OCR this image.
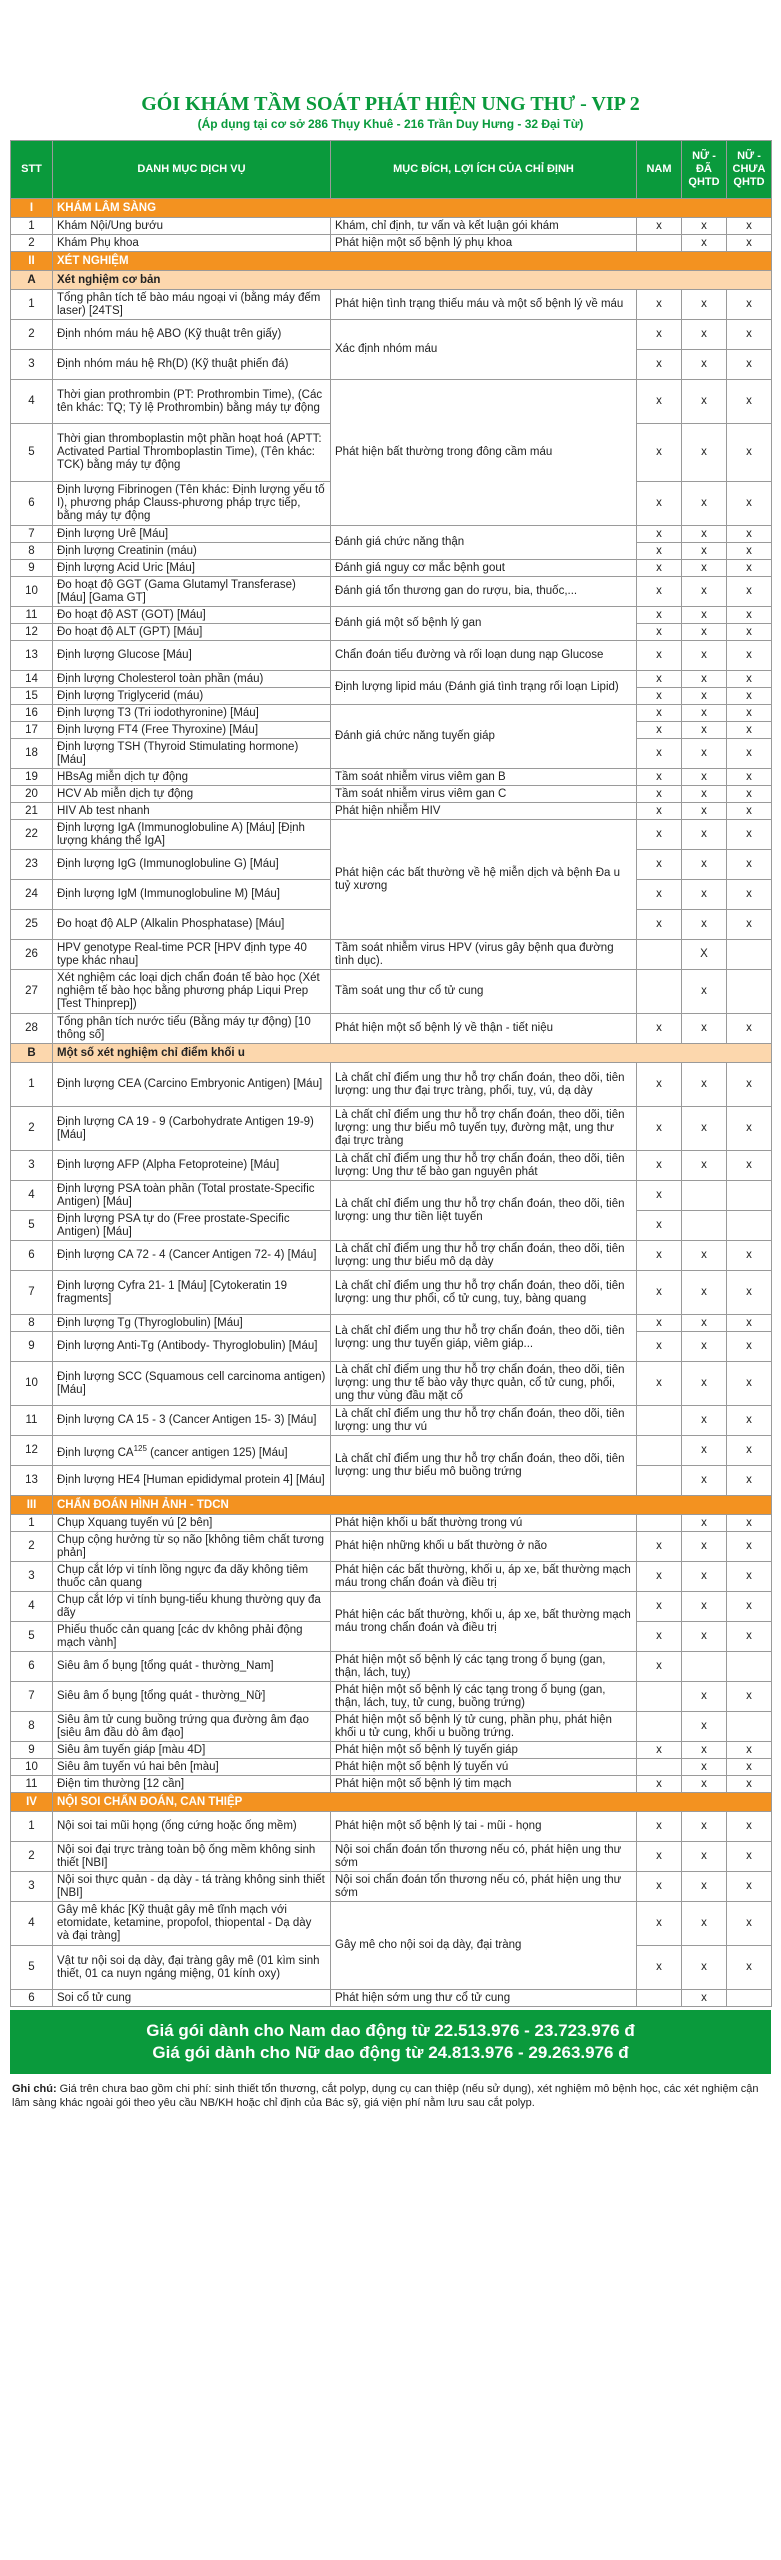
GÓI KHÁM TẦM SOÁT PHÁT HIỆN UNG THƯ - VIP 2
(Áp dụng tại cơ sở 286 Thụy Khuê - 216 Trần Duy Hưng - 32 Đại Từ)
STT	DANH MỤC DỊCH VỤ	MỤC ĐÍCH, LỢI ÍCH CỦA CHỈ ĐỊNH	NAM	NỮ - ĐÃ QHTD	NỮ - CHƯA QHTD
I	KHÁM LÂM SÀNG				
1	Khám Nội/Ung bướu	Khám, chỉ định, tư vấn và kết luận gói khám	x	x	x
2	Khám Phụ khoa	Phát hiện một số bệnh lý phụ khoa		x	x
II	XÉT NGHIỆM				
A	Xét nghiệm cơ bản				
1	Tổng phân tích tế bào máu ngoại vi (bằng máy đếm laser) [24TS]	Phát hiện tình trạng thiếu máu và một số bệnh lý về máu	x	x	x
2	Định nhóm máu hệ ABO (Kỹ thuật trên giấy)	Xác định nhóm máu	x	x	x
3	Định nhóm máu hệ Rh(D) (Kỹ thuật phiến đá)		x	x	x
4	Thời gian prothrombin (PT: Prothrombin Time), (Các tên khác: TQ; Tỷ lệ Prothrombin) bằng máy tự động	Phát hiện bất thường trong đông cầm máu	x	x	x
5	Thời gian thromboplastin một phần hoạt hoá (APTT: Activated Partial Thromboplastin Time), (Tên khác: TCK) bằng máy tự động		x	x	x
6	Định lượng Fibrinogen (Tên khác: Định lượng yếu tố I), phương pháp Clauss-phương pháp trực tiếp, bằng máy tự động		x	x	x
7	Định lượng Urê [Máu]	Đánh giá chức năng thận	x	x	x
8	Định lượng Creatinin (máu)		x	x	x
9	Định lượng Acid Uric [Máu]	Đánh giá nguy cơ mắc bệnh gout	x	x	x
10	Đo hoạt độ GGT (Gama Glutamyl Transferase) [Máu] [Gama GT]	Đánh giá tổn thương gan do rượu, bia, thuốc,...	x	x	x
11	Đo hoạt độ AST (GOT) [Máu]	Đánh giá một số bệnh lý gan	x	x	x
12	Đo hoạt độ ALT (GPT) [Máu]		x	x	x
13	Định lượng Glucose [Máu]	Chẩn đoán tiểu đường và rối loạn dung nạp Glucose	x	x	x
14	Định lượng Cholesterol toàn phần (máu)	Định lượng lipid máu (Đánh giá tình trạng rối loạn Lipid)	x	x	x
15	Định lượng Triglycerid (máu)		x	x	x
16	Định lượng T3 (Tri iodothyronine) [Máu]	Đánh giá chức năng tuyến giáp	x	x	x
17	Định lượng FT4 (Free Thyroxine) [Máu]		x	x	x
18	Định lượng TSH (Thyroid Stimulating hormone) [Máu]		x	x	x
19	HBsAg miễn dịch tự động	Tầm soát nhiễm virus viêm gan B	x	x	x
20	HCV Ab miễn dịch tự động	Tầm soát nhiễm virus viêm gan C	x	x	x
21	HIV Ab test nhanh	Phát hiện nhiễm HIV	x	x	x
22	Định lượng IgA (Immunoglobuline A) [Máu] [Định lượng kháng thể IgA]	Phát hiện các bất thường về hệ miễn dịch và bệnh Đa u tuỷ xương	x	x	x
23	Định lượng IgG (Immunoglobuline G) [Máu]		x	x	x
24	Định lượng IgM (Immunoglobuline M) [Máu]		x	x	x
25	Đo hoạt độ ALP (Alkalin Phosphatase) [Máu]		x	x	x
26	HPV genotype Real-time PCR [HPV định type 40 type khác nhau]	Tầm soát nhiễm virus HPV (virus gây bệnh qua đường tình dục).		X	
27	Xét nghiệm các loại dịch chẩn đoán tế bào học (Xét nghiệm tế bào học bằng phương pháp Liqui Prep [Test Thinprep])	Tầm soát ung thư cổ tử cung		x	
28	Tổng phân tích nước tiểu (Bằng máy tự động) [10 thông số]	Phát hiện một số bệnh lý về thận - tiết niệu	x	x	x
B	Một số xét nghiệm chỉ điểm khối u				
1	Định lượng CEA (Carcino Embryonic Antigen) [Máu]	Là chất chỉ điểm ung thư hỗ trợ chẩn đoán, theo dõi, tiên lượng: ung thư đại trực tràng, phổi, tuỵ, vú, dạ dày	x	x	x
2	Định lượng CA 19 - 9 (Carbohydrate Antigen 19-9) [Máu]	Là chất chỉ điểm ung thư hỗ trợ chẩn đoán, theo dõi, tiên lượng: ung thư biểu mô tuyến tụy, đường mật, ung thư đại trực tràng	x	x	x
3	Định lượng AFP (Alpha Fetoproteine) [Máu]	Là chất chỉ điểm ung thư hỗ trợ chẩn đoán, theo dõi, tiên lượng: Ung thư tế bào gan nguyên phát	x	x	x
4	Định lượng PSA toàn phần (Total prostate-Specific Antigen) [Máu]	Là chất chỉ điểm ung thư hỗ trợ chẩn đoán, theo dõi, tiên lượng: ung thư tiền liệt tuyến	x		
5	Định lượng PSA tự do (Free prostate-Specific Antigen) [Máu]		x		
6	Định lượng CA 72 - 4 (Cancer Antigen 72- 4) [Máu]	Là chất chỉ điểm ung thư hỗ trợ chẩn đoán, theo dõi, tiên lượng: ung thư biểu mô dạ dày	x	x	x
7	Định lượng Cyfra 21- 1 [Máu] [Cytokeratin 19 fragments]	Là chất chỉ điểm ung thư hỗ trợ chẩn đoán, theo dõi, tiên lượng: ung thư phổi, cổ tử cung, tuỵ, bàng quang	x	x	x
8	Định lượng Tg (Thyroglobulin) [Máu]	Là chất chỉ điểm ung thư hỗ trợ chẩn đoán, theo dõi, tiên lượng: ung thư tuyến giáp, viêm giáp...	x	x	x
9	Định lượng Anti-Tg (Antibody- Thyroglobulin) [Máu]		x	x	x
10	Định lượng SCC (Squamous cell carcinoma antigen) [Máu]	Là chất chỉ điểm ung thư hỗ trợ chẩn đoán, theo dõi, tiên lượng: ung thư tế bào vảy thực quản, cổ tử cung, phổi, ung thư vùng đầu mặt cổ	x	x	x
11	Định lượng CA 15 - 3 (Cancer Antigen 15- 3) [Máu]	Là chất chỉ điểm ung thư hỗ trợ chẩn đoán, theo dõi, tiên lượng: ung thư vú		x	x
12	Định lượng CA$^{125}$ (cancer antigen 125) [Máu]	Là chất chỉ điểm ung thư hỗ trợ chẩn đoán, theo dõi, tiên lượng: ung thư biểu mô buồng trứng		x	x
13	Định lượng HE4 [Human epididymal protein 4] [Máu]			x	x
III	CHẨN ĐOÁN HÌNH ẢNH - TDCN				
1	Chụp Xquang tuyến vú [2 bên]	Phát hiện khối u bất thường trong vú		x	x
2	Chụp cộng hưởng từ sọ não [không tiêm chất tương phản]	Phát hiện những khối u bất thường ở não	x	x	x
3	Chụp cắt lớp vi tính lồng ngực đa dãy không tiêm thuốc cản quang	Phát hiện các bất thường, khối u, áp xe, bất thường mạch máu trong chẩn đoán và điều trị	x	x	x
4	Chụp cắt lớp vi tính bụng-tiểu khung thường quy đa dãy	Phát hiện các bất thường, khối u, áp xe, bất thường mạch máu trong chẩn đoán và điều trị	x	x	x
5	Phiếu thuốc cản quang [các dv không phải động mạch vành]		x	x	x
6	Siêu âm ổ bụng [tổng quát - thường_Nam]	Phát hiện một số bệnh lý các tạng trong ổ bụng (gan, thận, lách, tuỵ)	x		
7	Siêu âm ổ bụng [tổng quát - thường_Nữ]	Phát hiện một số bệnh lý các tạng trong ổ bụng (gan, thận, lách, tuỵ, tử cung, buồng trứng)		x	x
8	Siêu âm tử cung buồng trứng qua đường âm đạo [siêu âm đầu dò âm đạo]	Phát hiện một số bệnh lý tử cung, phần phụ, phát hiện khối u tử cung, khối u buồng trứng.		x	
9	Siêu âm tuyến giáp [màu 4D]	Phát hiện một số bệnh lý tuyến giáp	x	x	x
10	Siêu âm tuyến vú hai bên [màu]	Phát hiện một số bệnh lý tuyến vú		x	x
11	Điện tim thường [12 cần]	Phát hiện một số bệnh lý tim mạch	x	x	x
IV	NỘI SOI CHẨN ĐOÁN, CAN THIỆP				
1	Nội soi tai mũi họng (ống cứng hoặc ống mềm)	Phát hiện một số bệnh lý tai - mũi - họng	x	x	x
2	Nội soi đại trực tràng toàn bộ ống mềm không sinh thiết [NBI]	Nội soi chẩn đoán tổn thương nếu có, phát hiện ung thư sớm	x	x	x
3	Nội soi thực quản - dạ dày - tá tràng không sinh thiết [NBI]	Nội soi chẩn đoán tổn thương nếu có, phát hiện ung thư sớm	x	x	x
4	Gây mê khác [Kỹ thuật gây mê tĩnh mạch với etomidate, ketamine, propofol, thiopental - Dạ dày và đại tràng]	Gây mê cho nội soi dạ dày, đại tràng	x	x	x
5	Vật tư nội soi dạ dày, đại tràng gây mê (01 kìm sinh thiết, 01 ca nuyn ngáng miệng, 01 kính oxy)		x	x	x
6	Soi cổ tử cung	Phát hiện sớm ung thư cổ tử cung		x	
Giá gói dành cho Nam dao động từ 22.513.976 - 23.723.976 đ
Giá gói dành cho Nữ dao động từ 24.813.976 - 29.263.976 đ
Ghi chú: Giá trên chưa bao gồm chi phí: sinh thiết tổn thương, cắt polyp, dụng cụ can thiệp (nếu sử dụng), xét nghiệm mô bệnh học, các xét nghiệm cận lâm sàng khác ngoài gói theo yêu cầu NB/KH hoặc chỉ định của Bác sỹ, giá viện phí nằm lưu sau cắt polyp.
